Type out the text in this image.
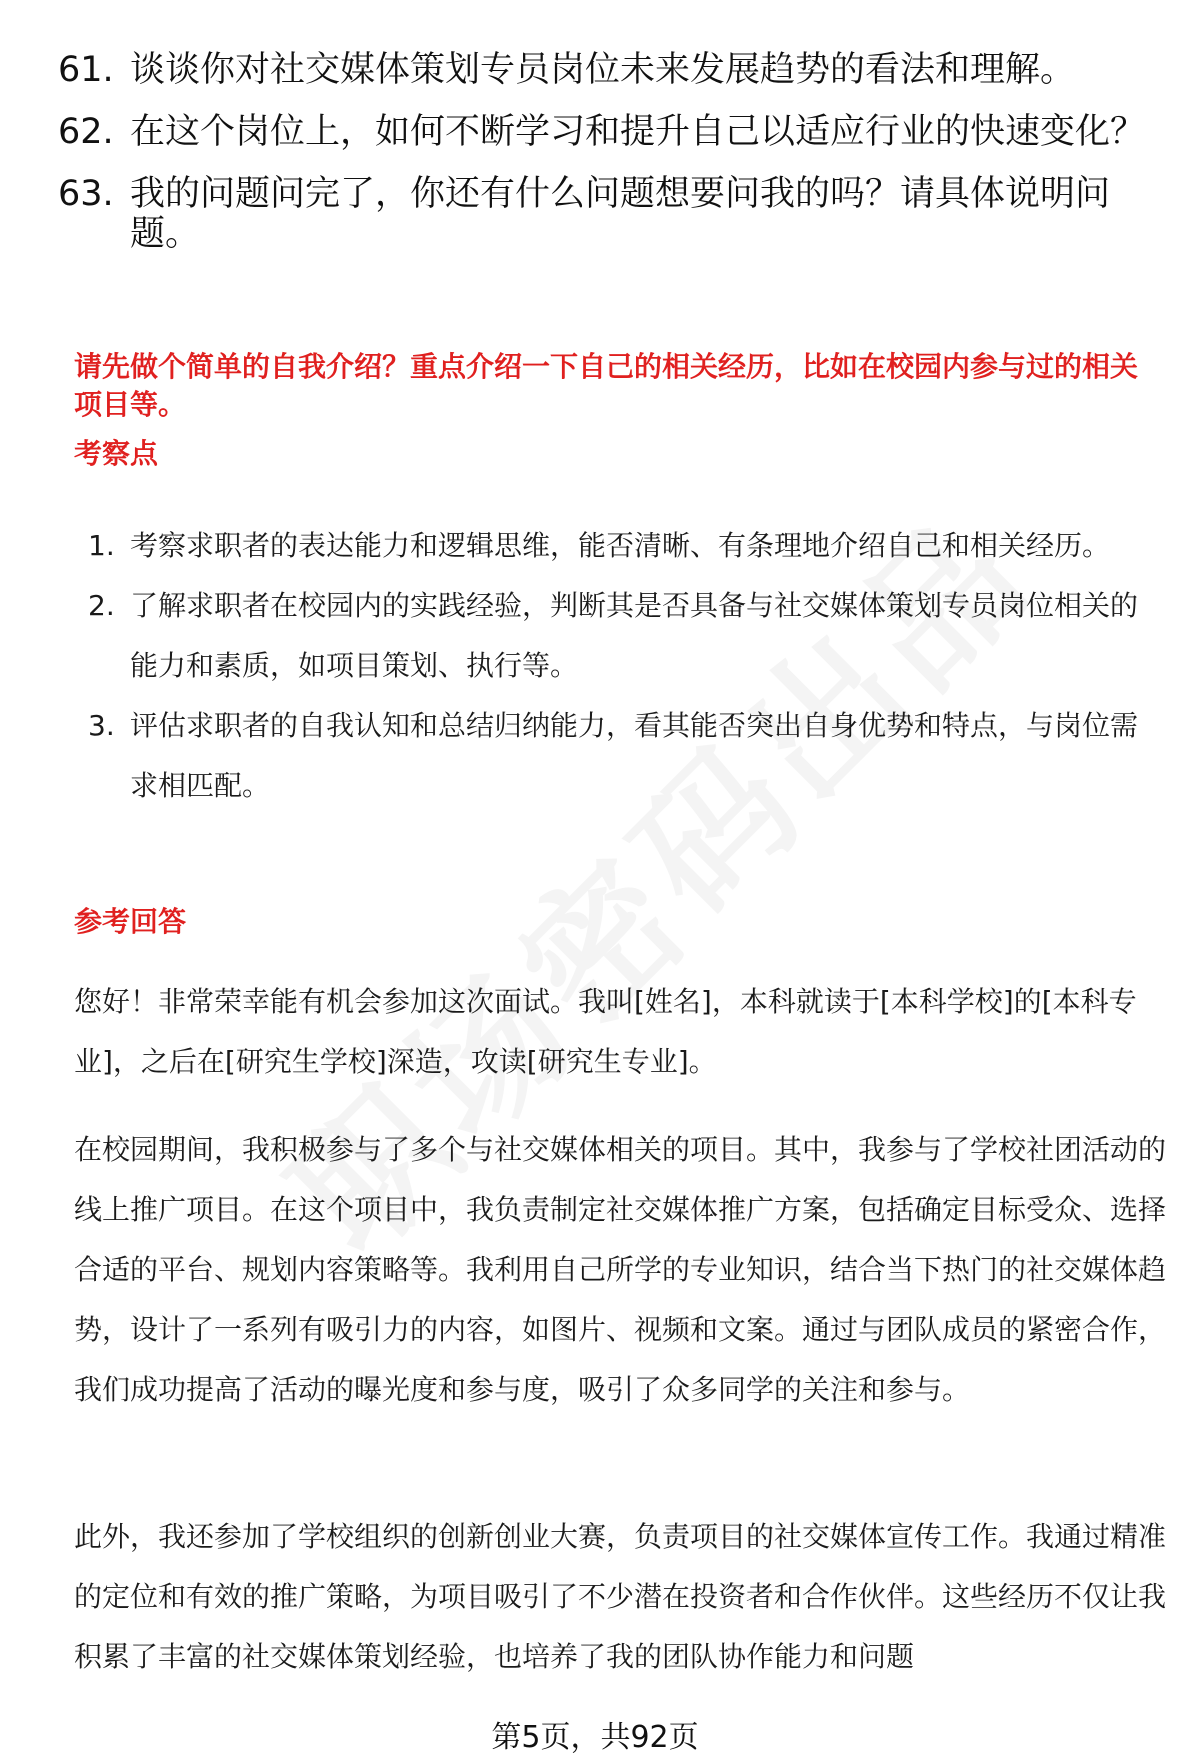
61. 谈谈你对社交媒体策划专员岗位未来发展趋势的看法和理解。
62. 在这个岗位上，如何不断学习和提升自己以适应行业的快速变化？
63. 我的问题问完了，你还有什么问题想要问我的吗？请具体说明问题。

请先做个简单的自我介绍？重点介绍一下自己的相关经历，比如在校园内参与过的相关项目等。

考察点

1. 考察求职者的表达能力和逻辑思维，能否清晰、有条理地介绍自己和相关经历。
2. 了解求职者在校园内的实践经验，判断其是否具备与社交媒体策划专员岗位相关的能力和素质，如项目策划、执行等。
3. 评估求职者的自我认知和总结归纳能力，看其能否突出自身优势和特点，与岗位需求相匹配。

参考回答

您好！非常荣幸能有机会参加这次面试。我叫[姓名]，本科就读于[本科学校]的[本科专业]，之后在[研究生学校]深造，攻读[研究生专业]。

在校园期间，我积极参与了多个与社交媒体相关的项目。其中，我参与了学校社团活动的线上推广项目。在这个项目中，我负责制定社交媒体推广方案，包括确定目标受众、选择合适的平台、规划内容策略等。我利用自己所学的专业知识，结合当下热门的社交媒体趋势，设计了一系列有吸引力的内容，如图片、视频和文案。通过与团队成员的紧密合作，我们成功提高了活动的曝光度和参与度，吸引了众多同学的关注和参与。

此外，我还参加了学校组织的创新创业大赛，负责项目的社交媒体宣传工作。我通过精准的定位和有效的推广策略，为项目吸引了不少潜在投资者和合作伙伴。这些经历不仅让我积累了丰富的社交媒体策划经验，也培养了我的团队协作能力和问题

第5页，共92页
